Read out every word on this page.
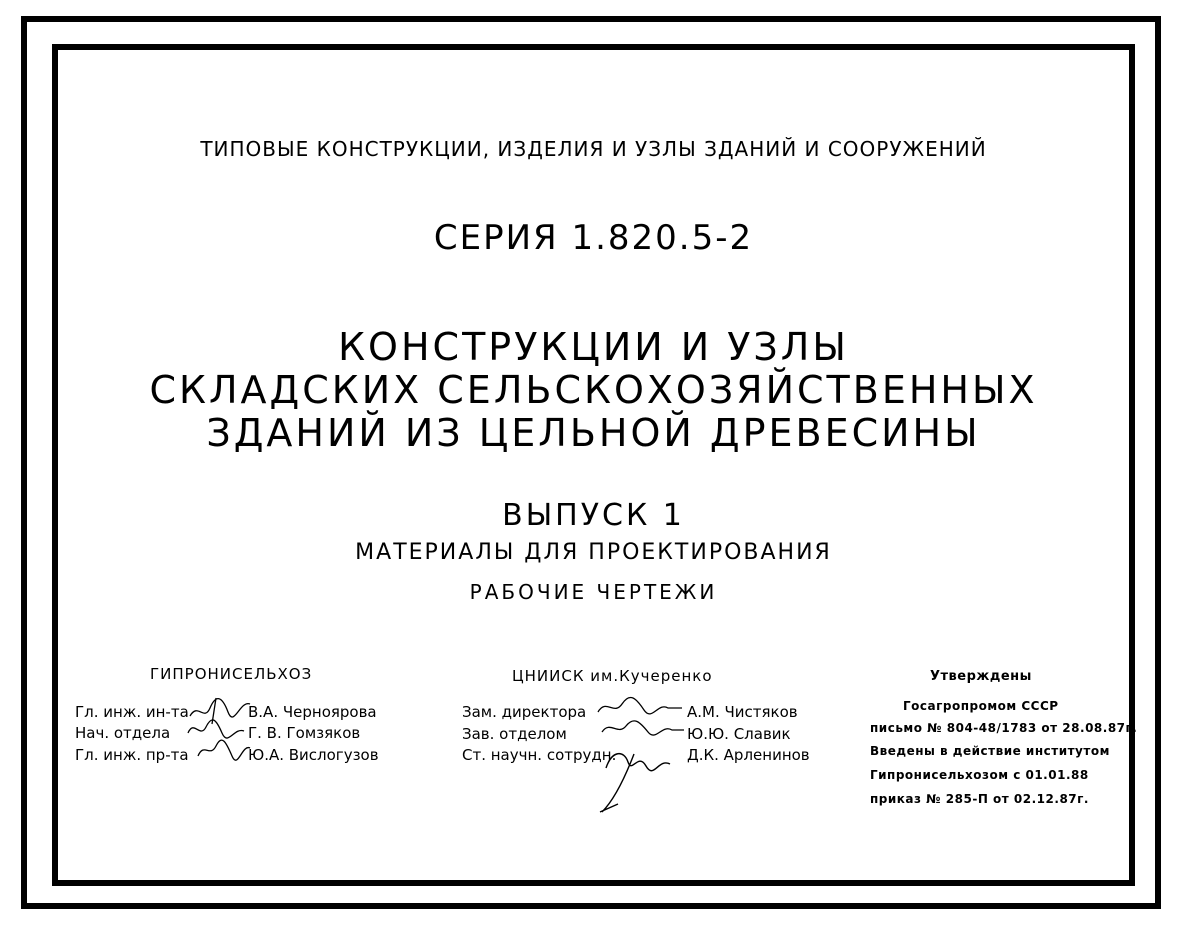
ТИПОВЫЕ КОНСТРУКЦИИ, ИЗДЕЛИЯ И УЗЛЫ ЗДАНИЙ И СООРУЖЕНИЙ
СЕРИЯ 1.820.5-2
КОНСТРУКЦИИ И УЗЛЫ
СКЛАДСКИХ СЕЛЬСКОХОЗЯЙСТВЕННЫХ
ЗДАНИЙ ИЗ ЦЕЛЬНОЙ ДРЕВЕСИНЫ
ВЫПУСК 1
МАТЕРИАЛЫ ДЛЯ ПРОЕКТИРОВАНИЯ
РАБОЧИЕ ЧЕРТЕЖИ
ГИПРОНИСЕЛЬХОЗ
Гл. инж. ин-та	В.А. Черноярова
Нач. отдела	Г. В. Гомзяков
Гл. инж. пр-та	Ю.А. Вислогузов
ЦНИИСК им.Кучеренко
Зам. директора	А.М. Чистяков
Зав. отделом	Ю.Ю. Славик
Ст. научн. сотрудн.	Д.К. Арленинов
Утверждены
Госагропромом СССР
письмо № 804-48/1783 от 28.08.87г.
Введены в действие институтом
Гипронисельхозом с 01.01.88
приказ № 285-П от 02.12.87г.
